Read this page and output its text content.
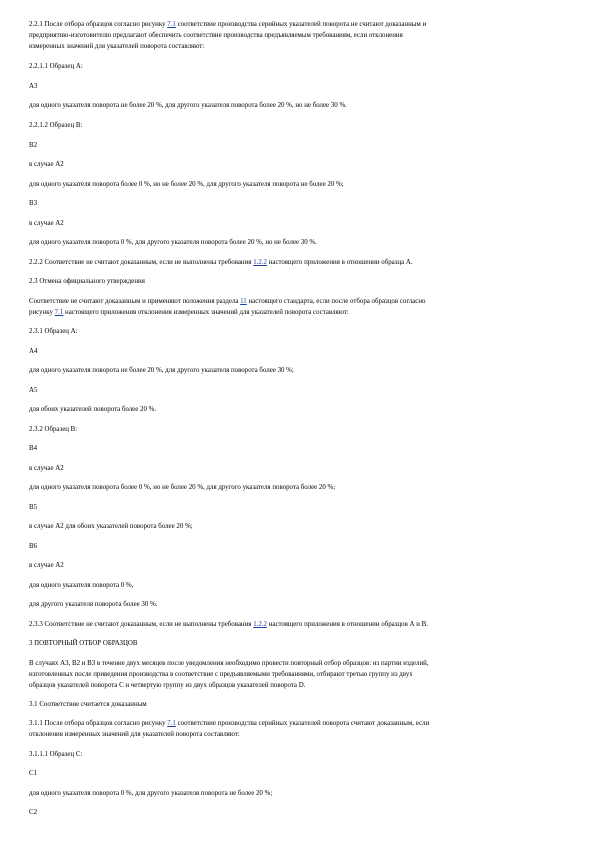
2.2.1 После отбора образцов согласно рисунку 7.1 соответствие производства серийных указателей поворота не считают доказанным и
предприятию-изготовителю предлагают обеспечить соответствие производства предъявляемым требованиям, если отклонения
измеренных значений для указателей поворота составляют:
2.2.1.1 Образец А:
А3
для одного указателя поворота не более 20 %, для другого указателя поворота более 20 %, но не более 30 %.
2.2.1.2 Образец В:
В2
в случае А2
для одного указателя поворота более 0 %, но не более 20 %, для другого указателя поворота не более 20 %;
В3
в случае А2
для одного указателя поворота 0 %, для другого указателя поворота более 20 %, но не более 30 %.
2.2.2 Соответствие не считают доказанным, если не выполнены требования 1.2.2 настоящего приложения в отношении образца А.
2.3 Отмена официального утверждения
Соответствие не считают доказанным и применяют положения раздела 11 настоящего стандарта, если после отбора образцов согласно
рисунку 7.1 настоящего приложения отклонения измеренных значений для указателей поворота составляют:
2.3.1 Образец А:
А4
для одного указателя поворота не более 20 %, для другого указателя поворота более 30 %;
А5
для обоих указателей поворота более 20 %.
2.3.2 Образец В:
В4
в случае А2
для одного указателя поворота более 0 %, но не более 20 %, для другого указателя поворота более 20 %;
В5
в случае А2 для обоих указателей поворота более 20 %;
В6
в случае А2
для одного указателя поворота 0 %,
для другого указателя поворота более 30 %.
2.3.3 Соответствие не считают доказанным, если не выполнены требования 1.2.2 настоящего приложения в отношении образцов А и В.
3 ПОВТОРНЫЙ ОТБОР ОБРАЗЦОВ
В случаях А3, В2 и В3 в течение двух месяцев после уведомления необходимо провести повторный отбор образцов: из партии изделий,
изготовленных после приведения производства в соответствие с предъявляемыми требованиями, отбирают третью группу из двух
образцов указателей поворота С и четвертую группу из двух образцов указателей поворота D.
3.1 Соответствие считается доказанным
3.1.1 После отбора образцов согласно рисунку 7.1 соответствие производства серийных указателей поворота считают доказанным, если
отклонения измеренных значений для указателей поворота составляют:
3.1.1.1 Образец С:
С1
для одного указателя поворота 0 %, для другого указателя поворота не более 20 %;
С2
